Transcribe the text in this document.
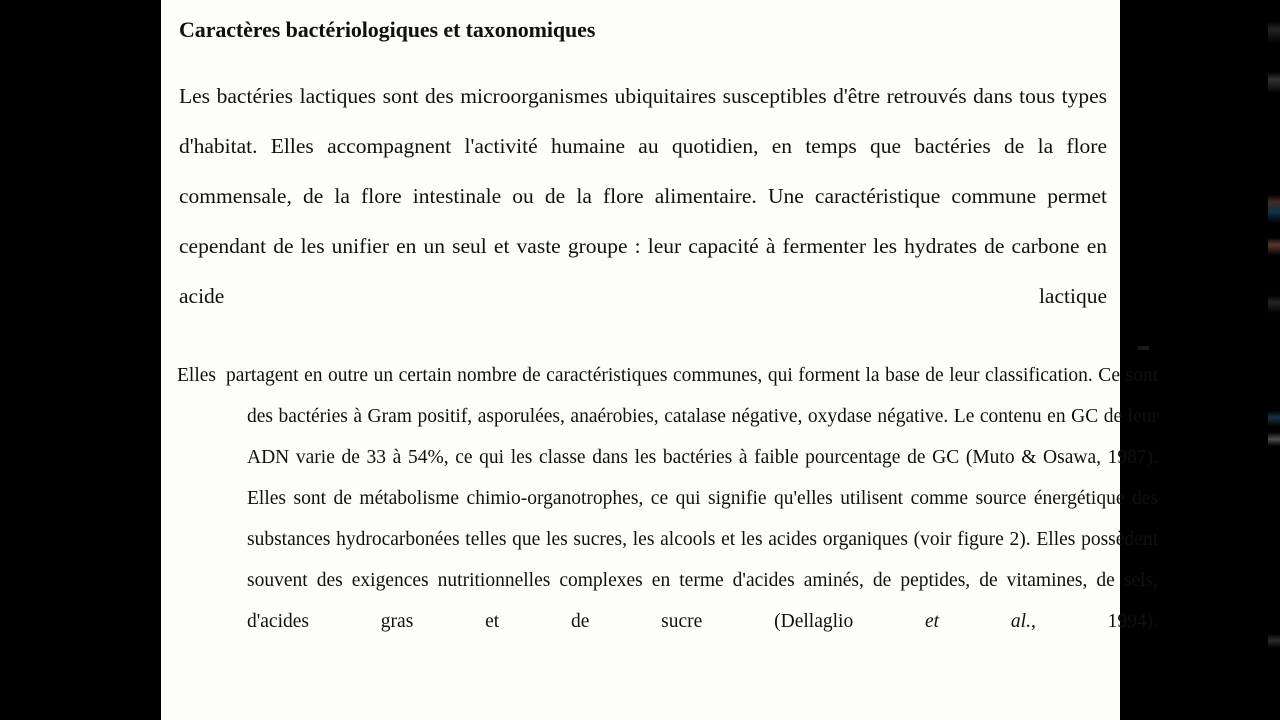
Caractères bactériologiques et taxonomiques
Les bactéries lactiques sont des microorganismes ubiquitaires susceptibles d'être retrouvés dans tous types d'habitat. Elles accompagnent l'activité humaine au quotidien, en temps que bactéries de la flore commensale, de la flore intestinale ou de la flore alimentaire. Une caractéristique commune permet cependant de les unifier en un seul et vaste groupe : leur capacité à fermenter les hydrates de carbone en acide lactique
Elles partagent en outre un certain nombre de caractéristiques communes, qui forment la base de leur classification. Ce sont des bactéries à Gram positif, asporulées, anaérobies, catalase négative, oxydase négative. Le contenu en GC de leur ADN varie de 33 à 54%, ce qui les classe dans les bactéries à faible pourcentage de GC (Muto & Osawa, 1987). Elles sont de métabolisme chimio-organotrophes, ce qui signifie qu'elles utilisent comme source énergétique des substances hydrocarbonées telles que les sucres, les alcools et les acides organiques (voir figure 2). Elles possèdent souvent des exigences nutritionnelles complexes en terme d'acides aminés, de peptides, de vitamines, de sels, d'acides gras et de sucre (Dellaglio et al., 1994).
